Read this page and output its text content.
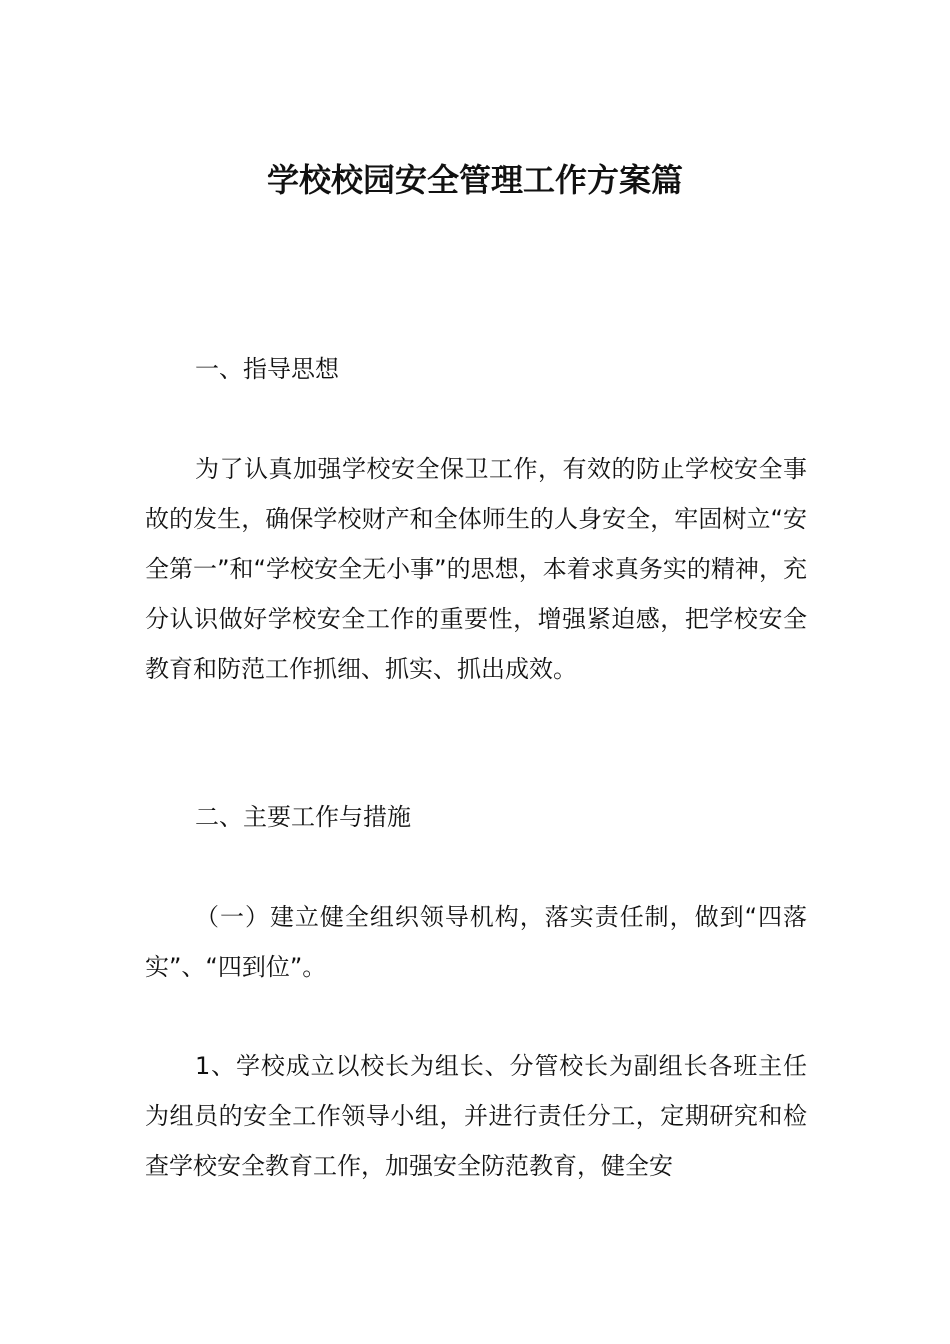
学校校园安全管理工作方案篇
一、指导思想

为了认真加强学校安全保卫工作，有效的防止学校安全事故的发生，确保学校财产和全体师生的人身安全，牢固树立“安全第一”和“学校安全无小事”的思想，本着求真务实的精神，充分认识做好学校安全工作的重要性，增强紧迫感，把学校安全教育和防范工作抓细、抓实、抓出成效。

二、主要工作与措施

（一）建立健全组织领导机构，落实责任制，做到“四落实”、“四到位”。

1、学校成立以校长为组长、分管校长为副组长各班主任为组员的安全工作领导小组，并进行责任分工，定期研究和检查学校安全教育工作，加强安全防范教育，健全安
